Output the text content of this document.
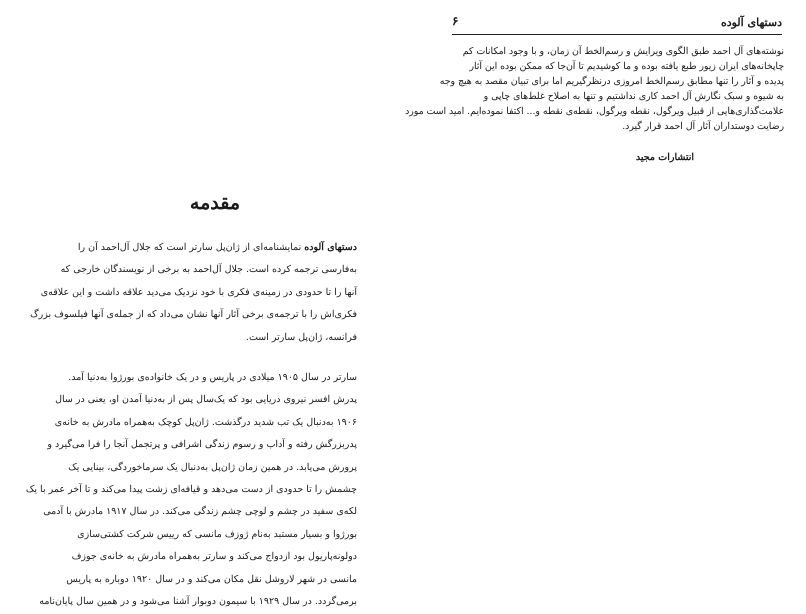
۶	دستهای آلوده
نوشته‌های آل احمد طبق الگوی ویرایش و رسم‌الخط آن زمان، و با وجود امکانات کم
چاپخانه‌های ایران زیور طبع یافته بوده و ما کوشیدیم تا آن‌جا که ممکن بوده این آثار
پدیده و آثار را تنها مطابق رسم‌الخط امروزی درنظرگیریم اما برای تبیان مقصد به هیچ وجه
به شیوه و سبک نگارش آل احمد کاری نداشتیم و تنها به اصلاح غلط‌های چاپی و
علامت‌گذاری‌هایی از قبیل ویرگول، نقطه ویرگول، نقطه‌ی نقطه و... اکتفا نموده‌ایم. امید است مورد
رضایت دوستداران آثار آل احمد قرار گیرد.
انتشارات مجید
مقدمه
دستهای آلوده نمایشنامه‌ای از ژان‌پل سارتر است که جلال آل‌احمد آن را
به‌فارسی ترجمه کرده است. جلال آل‌احمد به برخی از نویسندگان خارجی که
آنها را تا حدودی در زمینه‌ی فکری با خود نزدیک می‌دید علاقه داشت و این علاقه‌ی
فکری‌اش را با ترجمه‌ی برخی آثار آنها نشان می‌داد که از جمله‌ی آنها فیلسوف بزرگ
فرانسه، ژان‌پل سارتر است.
سارتر در سال ۱۹۰۵ میلادی در پاریس و در یک خانواده‌ی بورژوا به‌دنیا آمد.
پدرش افسر نیروی دریایی بود که یک‌سال پس از به‌دنیا آمدن او، یعنی در سال
۱۹۰۶ به‌دنبال یک تب شدید درگذشت. ژان‌پل کوچک به‌همراه مادرش به خانه‌ی
پدربزرگش رفته و آداب و رسوم زندگی اشرافی و پرتجمل آنجا را فرا می‌گیرد و
پرورش می‌یابد. در همین زمان ژان‌پل به‌دنبال یک سرماخوردگی، بینایی یک
چشمش را تا حدودی از دست می‌دهد و قیافه‌ای زشت پیدا می‌کند و تا آخر عمر با یک
لکه‌ی سفید در چشم و لوچی چشم زندگی می‌کند. در سال ۱۹۱۷ مادرش با آدمی
بورژوا و بسیار مستبد به‌نام ژوزف مانسی که رییس شرکت کشتی‌سازی
دولونه‌پاریول بود ازدواج می‌کند و سارتر به‌همراه مادرش به خانه‌ی جوزف
مانسی در شهر لاروشل نقل مکان می‌کند و در سال ۱۹۲۰ دوباره به پاریس
برمی‌گردد. در سال ۱۹۲۹ با سیمون دوبوار آشنا می‌شود و در همین سال پایان‌نامه
